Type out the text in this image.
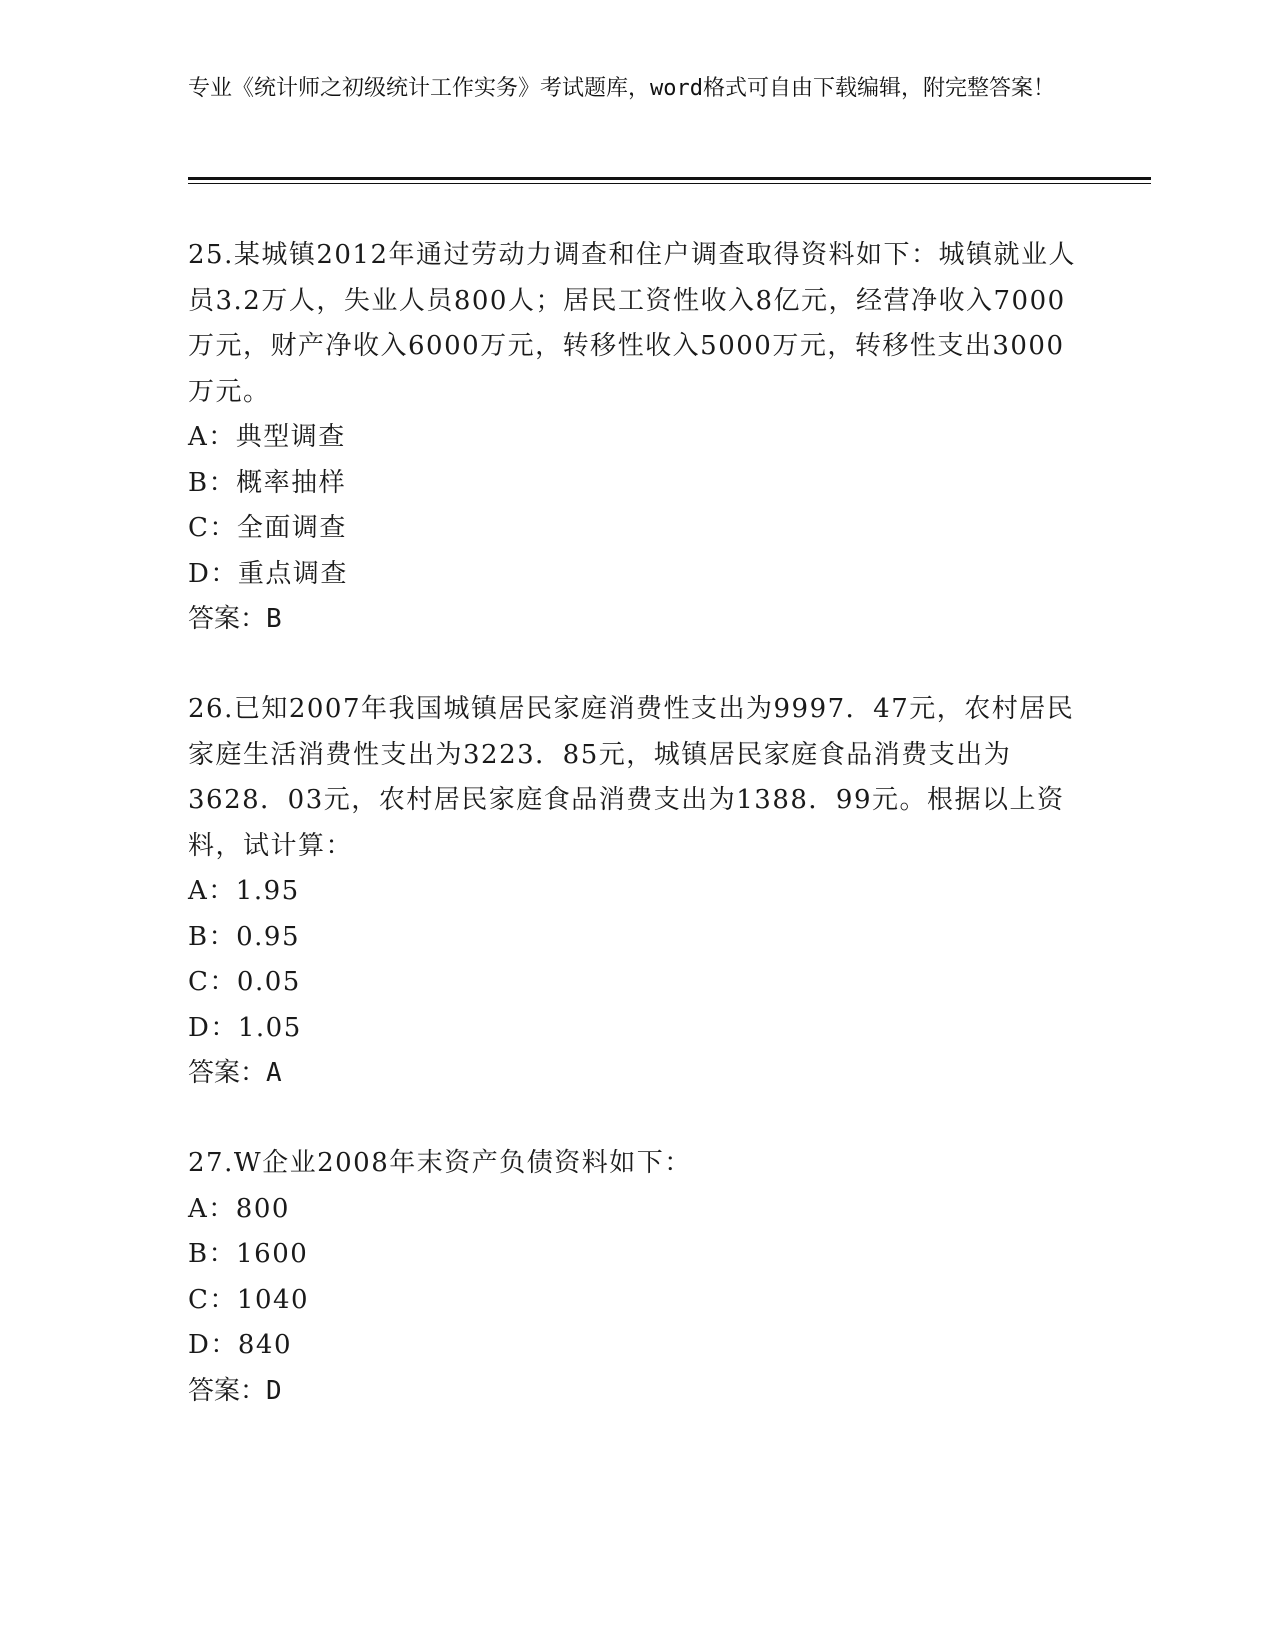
专业《统计师之初级统计工作实务》考试题库，word格式可自由下载编辑，附完整答案！

25.某城镇2012年通过劳动力调查和住户调查取得资料如下：城镇就业人员3.2万人，失业人员800人；居民工资性收入8亿元，经营净收入7000万元，财产净收入6000万元，转移性收入5000万元，转移性支出3000万元。

A：典型调查

B：概率抽样

C：全面调查

D：重点调查

答案：B

26.已知2007年我国城镇居民家庭消费性支出为9997．47元，农村居民家庭生活消费性支出为3223．85元，城镇居民家庭食品消费支出为3628．03元，农村居民家庭食品消费支出为1388．99元。根据以上资料，试计算：

A：1.95

B：0.95

C：0.05

D：1.05

答案：A

27.W企业2008年末资产负债资料如下：

A：800

B：1600

C：1040

D：840

答案：D
